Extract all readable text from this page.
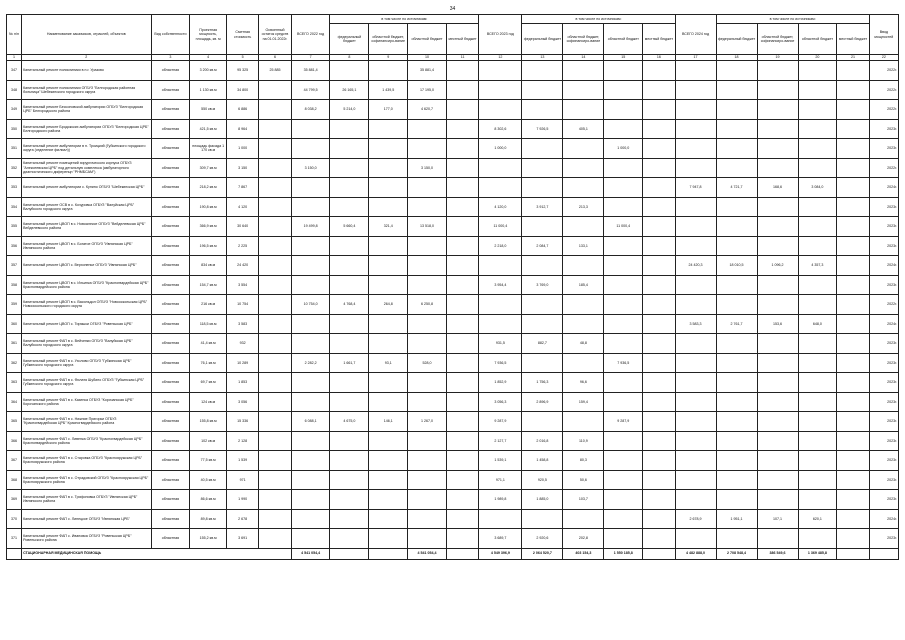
34
№ п/п	Наименование заказчиков, отраслей, объектов	Вид собственности	Проектная мощность, площадь, кв. м	Сметная стоимость	Освоенный остаток средств на 01.01.2022г.	ВСЕГО 2022 год	в том числе по источникам:				ВСЕГО 2023 год	в том числе по источникам:				ВСЕГО 2024 год	в том числе по источникам:				Ввод мощностей
							федеральный бюджет	областной бюджет, софинансиро-вание	областной бюджет	местный бюджет		федеральный бюджет	областной бюджет, софинансиро-вание	областной бюджет	местный бюджет		федеральный бюджет	областной бюджет, софинансиро-вание	областной бюджет	местный бюджет	
1	2	3	4	5	6	7	8	9	10	11	12	13	14	15	16	17	18	19	20	21	22
347	Капитальный ремонт поликлиники в п.г. Уразово	областная	3 200 кв.м	95 325	25 885	35 881,4			35 881,4												2022г.
348	Капитальный ремонт поликлиники ОГБУЗ "Белгородская районная больница" Шебекинского городского округа	областная	1 130 кв.м	34 800		44 799,5	26 165,1	1 439,5	17 195,0												2022г.
349	Капитальный ремонт Бессоновской амбулатории ОГБУЗ "Белгородская ЦРБ" Белгородского района	областная	550 кв.м	6 886		8 038,2	5 214,0	177,0	4 620,7												2022г.
350	Капитальный ремонт Бродокских амбулатории ОГБУЗ "Белгородская ЦРБ" Белгородского района	областная	421,5 кв.м	8 964							8 302,6	7 926,5	405,1								2023г.
351	Капитальный ремонт амбулатории в п. Троицкий (Губкинского городского округа (отделение филиал))	областная	площадь фасада 1 170 кв.м	1 000							1 000,0			1 000,0							2023г.
352	Капитальный ремонт помещений хирургического корпуса ОГБУЗ "Алексеевская ЦРБ" под детальную комплекса (амбулаторного диагностического диференцн "РНМБСАМ")	областная	309,7 кв.м	3 150		3 150,0			3 150,0												2022г.
353	Капитальный ремонт амбулатории с. Купино ОГБУЗ "Шебекинская ЦРБ"	областная	218,2 кв.м	7 867												7 947,8	4 721,7	168,6	3 084,0		2024г.
354	Капитальный ремонт ОСВ в с. Кочуровка ОГБУЗ "Валуйская ЦРБ" Валуйского городского округа	областная	190,8 кв.м	4 120							4 120,0	3 912,7	213,3								2023г.
355	Капитальный ремонт ЦВОП в с. Новоалексе ОГБУЗ "Вейделевская ЦРБ" Вейделевского района	областная	366,9 кв.м	30 640		19 499,8	5 660,4	321,4	13 518,0		11 000,4			11 000,4							2023г.
356	Капитальный ремонт ЦВОП в с. Богатое ОГБУЗ "Ивнянская ЦРБ" Ивнянского района	областная	196,5 кв.м	2 225							2 218,0	2 084,7	133,1								2023г.
357	Капитальный ремонт ЦВОП с. Верхопенье ОГБУЗ "Ивнянская ЦРБ"	областная	834 кв.м	24 420												24 420,3	18 010,5	1 096,2	4 357,3		2024г.
358	Капитальный ремонт ЦВОП в с. Ильинка ОГБУЗ "Красногвардейская ЦРБ" Красногвардейского района	областная	154,7 кв.м	3 554							3 954,4	3 769,0	185,4								2023г.
359	Капитальный ремонт ЦВОП в с. Васильдол ОГБУЗ "Новооскольская ЦРБ" Новооскольского городского округа	областная	216 кв.м	10 754		10 754,0	4 768,4	264,8	6 250,8												2022г.
360	Капитальный ремонт ЦВОП с. Тиряшки ОГБУЗ "Ровеньская ЦРБ"	областная	118,5 кв.м	3 583												3 583,3	2 761,7	153,6	648,0		2024г.
361	Капитальный ремонт ФАП в с. Вейченки ОГБУЗ "Валуйская ЦРБ" Валуйского городского округа	областная	41,4 кв.м	932							931,5	882,7	48,8								2023г.
362	Капитальный ремонт ФАП в с. Ухолово ОГБУЗ "Губкинская ЦРБ" Губкинского городского округа	областная	76,1 кв.м	10 289		2 282,2	1 661,7	93,1	528,0		7 936,5			7 936,5							2023г.
363	Капитальный ремонт ФАП в с. Филатя Шубино ОГБУЗ "Губкинская ЦРБ" Губкинского городского округа	областная	69,7 кв.м	1 853							1 852,9	1 756,3	96,6								2023г.
364	Капитальный ремонт ФАП в с. Казенка ОГБУЗ "Корочанская ЦРБ" Корочанского района	областная	124 кв.м	3 056							3 056,3	2 896,9	159,4								2023г.
365	Капитальный ремонт ФАП в с. Нижние Пригорки ОГБУЗ "Красногвардейская ЦРБ" Красногвардейского района	областная	155,8 кв.м	15 336		6 088,1	4 675,0	146,1	1 267,0		9 287,9			9 287,9							2023г.
366	Капитальный ремонт ФАП с. Ливенка ОГБУЗ "Красногвардейская ЦРБ" Красногвардейского района	областная	102 кв.м	2 128							2 127,7	2 016,8	110,9								2023г.
367	Капитальный ремонт ФАП в с. Старовка ОГБУЗ "Краснояружская ЦРБ" Краснояружского района	областная	77,5 кв.м	1 539							1 539,1	1 458,8	80,3								2023г.
368	Капитальный ремонт ФАП в с. Отрадовский ОГБУЗ "Краснояружская ЦРБ" Краснояружского района	областная	40,5 кв.м	971							971,1	920,5	50,6								2023г.
369	Капитальный ремонт ФАП в с. Трифоновка ОГБУЗ "Ивнянская ЦРБ" Ивнянского района	областная	86,6 кв.м	1 990							1 989,8	1 885,0	103,7								2023г.
370	Капитальный ремонт ФАП с. Липецкое ОГБУЗ "Ивнянская ЦРБ"	областная	89,8 кв.м	2 678												2 678,9	1 951,1	107,1	620,1		2024г.
371	Капитальный ремонт ФАП с. Ивановка ОГБУЗ "Ровеньская ЦРБ" Ровеньского района	областная	155,2 кв.м	3 691							3 689,7	2 920,6	202,8								2023г.
	СТАЦИОНАРНАЯ МЕДИЦИНСКАЯ ПОМОЩЬ					4 541 054,4			4 541 054,4		4 549 396,9	2 064 520,7	403 154,3	1 550 185,8		4 482 888,0	2 708 548,4	386 549,6	1 369 485,8		
